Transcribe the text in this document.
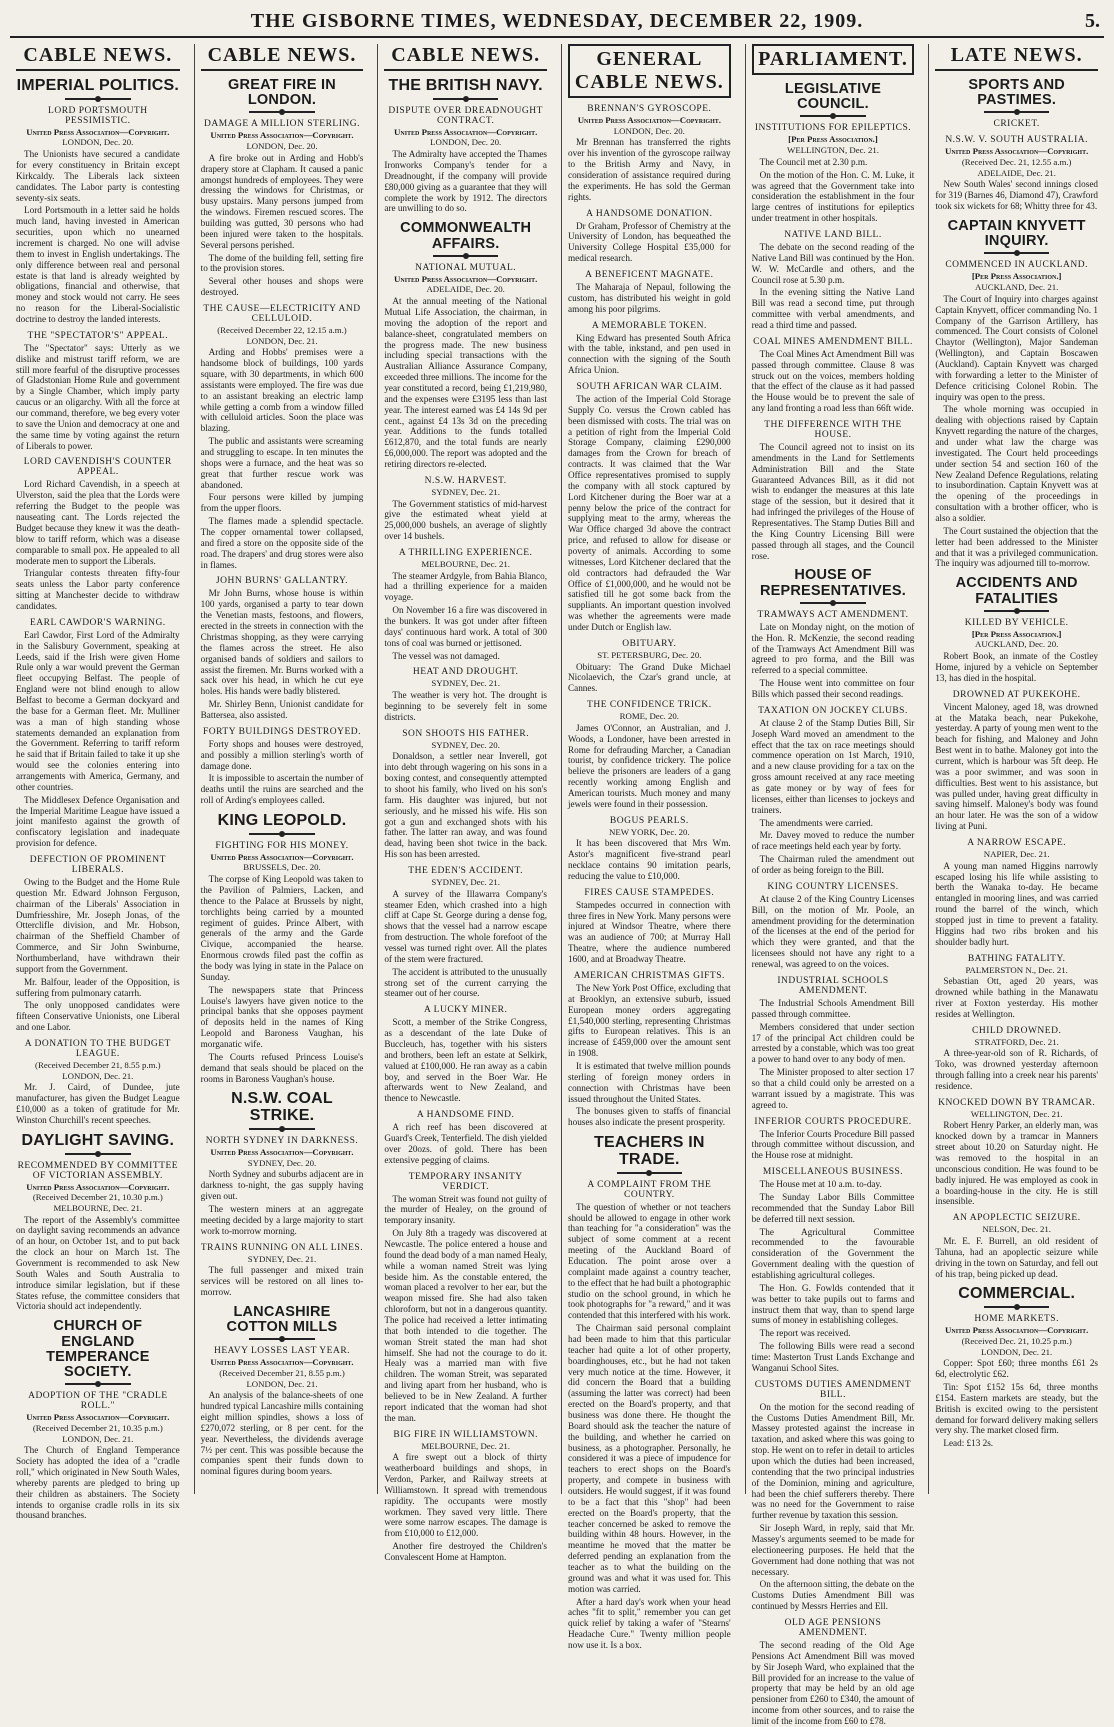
THE GISBORNE TIMES, WEDNESDAY, DECEMBER 22, 1909.	5.
CABLE NEWS.
IMPERIAL POLITICS.
LORD PORTSMOUTH PESSIMISTIC.
United Press Association—Copyright.
LONDON, Dec. 20.

The Unionists have secured a candidate for every constituency in Britain except Kirkcaldy. The Liberals lack sixteen candidates. The Labor party is contesting seventy-six seats.

Lord Portsmouth in a letter said he holds much land, having invested in American securities, upon which no unearned increment is charged. No one will advise them to invest in English undertakings. The only difference between real and personal estate is that land is already weighted by obligations, financial and otherwise, that money and stock would not carry. He sees no reason for the Liberal-Socialistic doctrine to destroy the landed interests.

THE "SPECTATOR'S" APPEAL.

The "Spectator" says: Utterly as we dislike and mistrust tariff reform, we are still more fearful of the disruptive processes of Gladstonian Home Rule and government by a Single Chamber, which imply party caucus or an oligarchy. With all the force at our command, therefore, we beg every voter to save the Union and democracy at one and the same time by voting against the return of Liberals to power.

LORD CAVENDISH'S COUNTER APPEAL.

Lord Richard Cavendish, in a speech at Ulverston, said the plea that the Lords were referring the Budget to the people was nauseating cant. The Lords rejected the Budget because they knew it was the death-blow to tariff reform, which was a disease comparable to small pox. He appealed to all moderate men to support the Liberals.

Triangular contests threaten fifty-four seats unless the Labor party conference sitting at Manchester decide to withdraw candidates.

EARL CAWDOR'S WARNING.

Earl Cawdor, First Lord of the Admiralty in the Salisbury Government, speaking at Leeds, said if the Irish were given Home Rule only a war would prevent the German fleet occupying Belfast. The people of England were not blind enough to allow Belfast to become a German dockyard and the base for a German fleet. Mr. Mulliner was a man of high standing whose statements demanded an explanation from the Government. Referring to tariff reform he said that if Britain failed to take it up she would see the colonies entering into arrangements with America, Germany, and other countries.

The Middlesex Defence Organisation and the Imperial Maritime League have issued a joint manifesto against the growth of confiscatory legislation and inadequate provision for defence.

DEFECTION OF PROMINENT LIBERALS.

Owing to the Budget and the Home Rule question Mr. Edward Johnson Ferguson, chairman of the Liberals' Association in Dumfriesshire, Mr. Joseph Jonas, of the Otterclifle division, and Mr. Hobson, chairman of the Sheffield Chamber of Commerce, and Sir John Swinburne, Northumberland, have withdrawn their support from the Government.

Mr. Balfour, leader of the Opposition, is suffering from pulmonary catarrh.

The only unopposed candidates were fifteen Conservative Unionists, one Liberal and one Labor.

A DONATION TO THE BUDGET LEAGUE.
(Received December 21, 8.55 p.m.)
LONDON, Dec. 21.

Mr. J. Caird, of Dundee, jute manufacturer, has given the Budget League £10,000 as a token of gratitude for Mr. Winston Churchill's recent speeches.

DAYLIGHT SAVING.
RECOMMENDED BY COMMITTEE OF VICTORIAN ASSEMBLY.
United Press Association—Copyright.
(Received December 21, 10.30 p.m.)
MELBOURNE, Dec. 21.

The report of the Assembly's committee on daylight saving recommends an advance of an hour, on October 1st, and to put back the clock an hour on March 1st. The Government is recommended to ask New South Wales and South Australia to introduce similar legislation, but if these States refuse, the committee considers that Victoria should act independently.

CHURCH OF ENGLAND TEMPERANCE SOCIETY.
ADOPTION OF THE "CRADLE ROLL."
United Press Association—Copyright.
(Received December 21, 10.35 p.m.)
LONDON, Dec. 21.

The Church of England Temperance Society has adopted the idea of a "cradle roll," which originated in New South Wales, whereby parents are pledged to bring up their children as abstainers. The Society intends to organise cradle rolls in its six thousand branches.

CABLE NEWS.
GREAT FIRE IN LONDON.
DAMAGE A MILLION STERLING.
United Press Association—Copyright.
LONDON, Dec. 20.

A fire broke out in Arding and Hobb's drapery store at Clapham. It caused a panic amongst hundreds of employees. They were dressing the windows for Christmas, or busy upstairs. Many persons jumped from the windows. Firemen rescued scores. The building was gutted, 30 persons who had been injured were taken to the hospitals. Several persons perished.

The dome of the building fell, setting fire to the provision stores.

Several other houses and shops were destroyed.

THE CAUSE—ELECTRICITY AND CELLULOID.
(Received December 22, 12.15 a.m.)
LONDON, Dec. 21.

Arding and Hobbs' premises were a handsome block of buildings, 100 yards square, with 30 departments, in which 600 assistants were employed. The fire was due to an assistant breaking an electric lamp while getting a comb from a window filled with celluloid articles. Soon the place was blazing.

The public and assistants were screaming and struggling to escape. In ten minutes the shops were a furnace, and the heat was so great that further rescue work was abandoned.

Four persons were killed by jumping from the upper floors.

The flames made a splendid spectacle. The copper ornamental tower collapsed, and fired a store on the opposite side of the road. The drapers' and drug stores were also in flames.

JOHN BURNS' GALLANTRY.

Mr John Burns, whose house is within 100 yards, organised a party to tear down the Venetian masts, festoons, and flowers, erected in the streets in connection with the Christmas shopping, as they were carrying the flames across the street. He also organised bands of soldiers and sailors to assist the firemen. Mr. Burns worked with a sack over his head, in which he cut eye holes. His hands were badly blistered.

Mr. Shirley Benn, Unionist candidate for Battersea, also assisted.

FORTY BUILDINGS DESTROYED.

Forty shops and houses were destroyed, and possibly a million sterling's worth of damage done.

It is impossible to ascertain the number of deaths until the ruins are searched and the roll of Arding's employees called.

KING LEOPOLD.
FIGHTING FOR HIS MONEY.
United Press Association—Copyright.
BRUSSELS, Dec. 20.

The corpse of King Leopold was taken to the Pavilion of Palmiers, Lacken, and thence to the Palace at Brussels by night, torchlights being carried by a mounted regiment of guides. Prince Albert, with generals of the army and the Garde Civique, accompanied the hearse. Enormous crowds filed past the coffin as the body was lying in state in the Palace on Sunday.

The newspapers state that Princess Louise's lawyers have given notice to the principal banks that she opposes payment of deposits held in the names of King Leopold and Baroness Vaughan, his morganatic wife.

The Courts refused Princess Louise's demand that seals should be placed on the rooms in Baroness Vaughan's house.

N.S.W. COAL STRIKE.
NORTH SYDNEY IN DARKNESS.
United Press Association—Copyright.
SYDNEY, Dec. 20.

North Sydney and suburbs adjacent are in darkness to-night, the gas supply having given out.

The western miners at an aggregate meeting decided by a large majority to start work to-morrow morning.

TRAINS RUNNING ON ALL LINES.
SYDNEY, Dec. 21.

The full passenger and mixed train services will be restored on all lines to-morrow.

LANCASHIRE COTTON MILLS
HEAVY LOSSES LAST YEAR.
United Press Association—Copyright.
(Received December 21, 8.55 p.m.)
LONDON, Dec. 21.

An analysis of the balance-sheets of one hundred typical Lancashire mills containing eight million spindles, shows a loss of £270,072 sterling, or 8 per cent. for the year. Nevertheless, the dividends average 7½ per cent. This was possible because the companies spent their funds down to nominal figures during boom years.

CABLE NEWS.
THE BRITISH NAVY.
DISPUTE OVER DREADNOUGHT CONTRACT.
United Press Association—Copyright.
LONDON, Dec. 20.

The Admiralty have accepted the Thames Ironworks Company's tender for a Dreadnought, if the company will provide £80,000 giving as a guarantee that they will complete the work by 1912. The directors are unwilling to do so.

COMMONWEALTH AFFAIRS.
NATIONAL MUTUAL.
United Press Association—Copyright.
ADELAIDE, Dec. 20.

At the annual meeting of the National Mutual Life Association, the chairman, in moving the adoption of the report and balance-sheet, congratulated members on the progress made. The new business including special transactions with the Australian Alliance Assurance Company, exceeded three millions. The income for the year constituted a record, being £1,219,980, and the expenses were £3195 less than last year. The interest earned was £4 14s 9d per cent., against £4 13s 3d on the preceding year. Additions to the funds totalled £612,870, and the total funds are nearly £6,000,000. The report was adopted and the retiring directors re-elected.

N.S.W. HARVEST.
SYDNEY, Dec. 21.

The Government statistics of mid-harvest give the estimated wheat yield at 25,000,000 bushels, an average of slightly over 14 bushels.

A THRILLING EXPERIENCE.
MELBOURNE, Dec. 21.

The steamer Ardgyle, from Bahia Blanco, had a thrilling experience for a maiden voyage.

On November 16 a fire was discovered in the bunkers. It was got under after fifteen days' continuous hard work. A total of 300 tons of coal was burned or jettisoned.

The vessel was not damaged.

HEAT AND DROUGHT.
SYDNEY, Dec. 21.

The weather is very hot. The drought is beginning to be severely felt in some districts.

SON SHOOTS HIS FATHER.
SYDNEY, Dec. 20.

Donaldson, a settler near Inverell, got into debt through wagering on his sons in a boxing contest, and consequently attempted to shoot his family, who lived on his son's farm. His daughter was injured, but not seriously, and he missed his wife. His son got a gun and exchanged shots with his father. The latter ran away, and was found dead, having been shot twice in the back. His son has been arrested.

THE EDEN'S ACCIDENT.
SYDNEY, Dec. 21.

A survey of the Illawarra Company's steamer Eden, which crashed into a high cliff at Cape St. George during a dense fog, shows that the vessel had a narrow escape from destruction. The whole forefoot of the vessel was turned right over. All the plates of the stem were fractured.

The accident is attributed to the unusually strong set of the current carrying the steamer out of her course.

A LUCKY MINER.

Scott, a member of the Strike Congress, as a descendant of the late Duke of Buccleuch, has, together with his sisters and brothers, been left an estate at Selkirk, valued at £100,000. He ran away as a cabin boy, and served in the Boer War. He afterwards went to New Zealand, and thence to Newcastle.

A HANDSOME FIND.

A rich reef has been discovered at Guard's Creek, Tenterfield. The dish yielded over 20ozs. of gold. There has been extensive pegging of claims.

TEMPORARY INSANITY VERDICT.

The woman Streit was found not guilty of the murder of Healey, on the ground of temporary insanity.

On July 8th a tragedy was discovered at Newcastle. The police entered a house and found the dead body of a man named Healy, while a woman named Streit was lying beside him. As the constable entered, the woman placed a revolver to her ear, but the weapon missed fire. She had also taken chloroform, but not in a dangerous quantity. The police had received a letter intimating that both intended to die together. The woman Streit stated the man had shot himself. She had not the courage to do it. Healy was a married man with five children. The woman Streit, was separated and living apart from her husband, who is believed to be in New Zealand. A further report indicated that the woman had shot the man.

BIG FIRE IN WILLIAMSTOWN.
MELBOURNE, Dec. 21.

A fire swept out a block of thirty weatherboard buildings and shops, in Verdon, Parker, and Railway streets at Williamstown. It spread with tremendous rapidity. The occupants were mostly workmen. They saved very little. There were some narrow escapes. The damage is from £10,000 to £12,000.

Another fire destroyed the Children's Convalescent Home at Hampton.

GENERAL CABLE NEWS.
BRENNAN'S GYROSCOPE.
United Press Association—Copyright.
LONDON, Dec. 20.

Mr Brennan has transferred the rights over his invention of the gyroscope railway to the British Army and Navy, in consideration of assistance required during the experiments. He has sold the German rights.

A HANDSOME DONATION.

Dr Graham, Professor of Chemistry at the University of London, has bequeathed the University College Hospital £35,000 for medical research.

A BENEFICENT MAGNATE.

The Maharaja of Nepaul, following the custom, has distributed his weight in gold among his poor pilgrims.

A MEMORABLE TOKEN.

King Edward has presented South Africa with the table, inkstand, and pen used in connection with the signing of the South Africa Union.

SOUTH AFRICAN WAR CLAIM.

The action of the Imperial Cold Storage Supply Co. versus the Crown cabled has been dismissed with costs. The trial was on a petition of right from the Imperial Cold Storage Company, claiming £290,000 damages from the Crown for breach of contracts. It was claimed that the War Office representatives promised to supply the company with all stock captured by Lord Kitchener during the Boer war at a penny below the price of the contract for supplying meat to the army, whereas the War Office charged 3d above the contract price, and refused to allow for disease or poverty of animals. According to some witnesses, Lord Kitchener declared that the old contractors had defrauded the War Office of £1,000,000, and he would not be satisfied till he got some back from the suppliants. An important question involved was whether the agreements were made under Dutch or English law.

OBITUARY.
ST. PETERSBURG, Dec. 20.

Obituary: The Grand Duke Michael Nicolaevich, the Czar's grand uncle, at Cannes.

THE CONFIDENCE TRICK.
ROME, Dec. 20.

James O'Connor, an Australian, and J. Woods, a Londoner, have been arrested in Rome for defrauding Marcher, a Canadian tourist, by confidence trickery. The police believe the prisoners are leaders of a gang recently working among English and American tourists. Much money and many jewels were found in their possession.

BOGUS PEARLS.
NEW YORK, Dec. 20.

It has been discovered that Mrs Wm. Astor's magnificent five-strand pearl necklace contains 90 imitation pearls, reducing the value to £10,000.

FIRES CAUSE STAMPEDES.

Stampedes occurred in connection with three fires in New York. Many persons were injured at Windsor Theatre, where there was an audience of 700; at Murray Hall Theatre, where the audience numbered 1600, and at Broadway Theatre.

AMERICAN CHRISTMAS GIFTS.

The New York Post Office, excluding that at Brooklyn, an extensive suburb, issued European money orders aggregating £1,540,000 sterling, representing Christmas gifts to European relatives. This is an increase of £459,000 over the amount sent in 1908.

It is estimated that twelve million pounds sterling of foreign money orders in connection with Christmas have been issued throughout the United States.

The bonuses given to staffs of financial houses also indicate the present prosperity.

TEACHERS IN TRADE.
A COMPLAINT FROM THE COUNTRY.

The question of whether or not teachers should be allowed to engage in other work than teaching for "a consideration" was the subject of some comment at a recent meeting of the Auckland Board of Education. The point arose over a complaint made against a country teacher, to the effect that he had built a photographic studio on the school ground, in which he took photographs for "a reward," and it was contended that this interfered with his work.

The Chairman said personal complaint had been made to him that this particular teacher had quite a lot of other property, boardinghouses, etc., but he had not taken very much notice at the time. However, it did concern the Board that a building (assuming the latter was correct) had been erected on the Board's property, and that business was done there. He thought the Board should ask the teacher the nature of the building, and whether he carried on business, as a photographer. Personally, he considered it was a piece of impudence for teachers to erect shops on the Board's property, and compete in business with outsiders. He would suggest, if it was found to be a fact that this "shop" had been erected on the Board's property, that the teacher concerned be asked to remove the building within 48 hours. However, in the meantime he moved that the matter be deferred pending an explanation from the teacher as to what the building on the ground was and what it was used for. This motion was carried.

After a hard day's work when your head aches "fit to split," remember you can get quick relief by taking a wafer of "Stearns' Headache Cure." Twenty million people now use it. Is a box.

PARLIAMENT.
LEGISLATIVE COUNCIL.
INSTITUTIONS FOR EPILEPTICS.
[Per Press Association.]
WELLINGTON, Dec. 21.

The Council met at 2.30 p.m.

On the motion of the Hon. C. M. Luke, it was agreed that the Government take into consideration the establishment in the four large centres of institutions for epileptics under treatment in other hospitals.

NATIVE LAND BILL.

The debate on the second reading of the Native Land Bill was continued by the Hon. W. W. McCardle and others, and the Council rose at 5.30 p.m.

In the evening sitting the Native Land Bill was read a second time, put through committee with verbal amendments, and read a third time and passed.

COAL MINES AMENDMENT BILL.

The Coal Mines Act Amendment Bill was passed through committee. Clause 8 was struck out on the voices, members holding that the effect of the clause as it had passed the House would be to prevent the sale of any land fronting a road less than 66ft wide.

THE DIFFERENCE WITH THE HOUSE.

The Council agreed not to insist on its amendments in the Land for Settlements Administration Bill and the State Guaranteed Advances Bill, as it did not wish to endanger the measures at this late stage of the session, but it desired that it had infringed the privileges of the House of Representatives. The Stamp Duties Bill and the King Country Licensing Bill were passed through all stages, and the Council rose.

HOUSE OF REPRESENTATIVES.
TRAMWAYS ACT AMENDMENT.

Late on Monday night, on the motion of the Hon. R. McKenzie, the second reading of the Tramways Act Amendment Bill was agreed to pro forma, and the Bill was referred to a special committee.

The House went into committee on four Bills which passed their second readings.

TAXATION ON JOCKEY CLUBS.

At clause 2 of the Stamp Duties Bill, Sir Joseph Ward moved an amendment to the effect that the tax on race meetings should commence operation on 1st March, 1910, and a new clause providing for a tax on the gross amount received at any race meeting as gate money or by way of fees for licenses, either than licenses to jockeys and trainers.

The amendments were carried.

Mr. Davey moved to reduce the number of race meetings held each year by forty.

The Chairman ruled the amendment out of order as being foreign to the Bill.

KING COUNTRY LICENSES.

At clause 2 of the King Country Licenses Bill, on the motion of Mr. Poole, an amendment providing for the determination of the licenses at the end of the period for which they were granted, and that the licensees should not have any right to a renewal, was agreed to on the voices.

INDUSTRIAL SCHOOLS AMENDMENT.

The Industrial Schools Amendment Bill passed through committee.

Members considered that under section 17 of the principal Act children could be arrested by a constable, which was too great a power to hand over to any body of men.

The Minister proposed to alter section 17 so that a child could only be arrested on a warrant issued by a magistrate. This was agreed to.

INFERIOR COURTS PROCEDURE.

The Inferior Courts Procedure Bill passed through committee without discussion, and the House rose at midnight.

MISCELLANEOUS BUSINESS.

The House met at 10 a.m. to-day.

The Sunday Labor Bills Committee recommended that the Sunday Labor Bill be deferred till next session.

The Agricultural Committee recommended to the favourable consideration of the Government the Government dealing with the question of establishing agricultural colleges.

The Hon. G. Fowlds contended that it was better to take pupils out to farms and instruct them that way, than to spend large sums of money in establishing colleges.

The report was received.

The following Bills were read a second time: Masterton Trust Lands Exchange and Wanganui School Sites.

CUSTOMS DUTIES AMENDMENT BILL.

On the motion for the second reading of the Customs Duties Amendment Bill, Mr. Massey protested against the increase in taxation, and asked where this was going to stop. He went on to refer in detail to articles upon which the duties had been increased, contending that the two principal industries of the Dominion, mining and agriculture, had been the chief sufferers thereby. There was no need for the Government to raise further revenue by taxation this session.

Sir Joseph Ward, in reply, said that Mr. Massey's arguments seemed to be made for electioneering purposes. He held that the Government had done nothing that was not necessary.

On the afternoon sitting, the debate on the Customs Duties Amendment Bill was continued by Messrs Herries and Ell.

OLD AGE PENSIONS AMENDMENT.

The second reading of the Old Age Pensions Act Amendment Bill was moved by Sir Joseph Ward, who explained that the Bill provided for an increase to the value of property that may be held by an old age pensioner from £260 to £340, the amount of income from other sources, and to raise the limit of the income from £60 to £78.

LATE NEWS.
SPORTS AND PASTIMES.
CRICKET.
N.S.W. V. SOUTH AUSTRALIA.
United Press Association—Copyright.
(Received Dec. 21, 12.55 a.m.)
ADELAIDE, Dec. 21.

New South Wales' second innings closed for 319 (Barnes 46, Diamond 47), Crawford took six wickets for 68; Whitty three for 43.

CAPTAIN KNYVETT INQUIRY.
COMMENCED IN AUCKLAND.
[Per Press Association.]
AUCKLAND, Dec. 21.

The Court of Inquiry into charges against Captain Knyvett, officer commanding No. 1 Company of the Garrison Artillery, has commenced. The Court consists of Colonel Chaytor (Wellington), Major Sandeman (Wellington), and Captain Boscawen (Auckland). Captain Knyvett was charged with forwarding a letter to the Minister of Defence criticising Colonel Robin. The inquiry was open to the press.

The whole morning was occupied in dealing with objections raised by Captain Knyvett regarding the nature of the charges, and under what law the charge was investigated. The Court held proceedings under section 54 and section 160 of the New Zealand Defence Regulations, relating to insubordination. Captain Knyvett was at the opening of the proceedings in consultation with a brother officer, who is also a soldier.

The Court sustained the objection that the letter had been addressed to the Minister and that it was a privileged communication. The inquiry was adjourned till to-morrow.

ACCIDENTS AND FATALITIES
KILLED BY VEHICLE.
[Per Press Association.]
AUCKLAND, Dec. 20.

Robert Book, an inmate of the Costley Home, injured by a vehicle on September 13, has died in the hospital.

DROWNED AT PUKEKOHE.

Vincent Maloney, aged 18, was drowned at the Mataka beach, near Pukekohe, yesterday. A party of young men went to the beach for fishing, and Maloney and John Best went in to bathe. Maloney got into the current, which is harbour was 5ft deep. He was a poor swimmer, and was soon in difficulties. Best went to his assistance, but was pulled under, having great difficulty in saving himself. Maloney's body was found an hour later. He was the son of a widow living at Puni.

A NARROW ESCAPE.
NAPIER, Dec. 21.

A young man named Higgins narrowly escaped losing his life while assisting to berth the Wanaka to-day. He became entangled in mooring lines, and was carried round the barrel of the winch, which stopped just in time to prevent a fatality. Higgins had two ribs broken and his shoulder badly hurt.

BATHING FATALITY.
PALMERSTON N., Dec. 21.

Sebastian Ott, aged 20 years, was drowned while bathing in the Manawatu river at Foxton yesterday. His mother resides at Wellington.

CHILD DROWNED.
STRATFORD, Dec. 21.

A three-year-old son of R. Richards, of Toko, was drowned yesterday afternoon through falling into a creek near his parents' residence.

KNOCKED DOWN BY TRAMCAR.
WELLINGTON, Dec. 21.

Robert Henry Parker, an elderly man, was knocked down by a tramcar in Manners street about 10.20 on Saturday night. He was removed to the hospital in an unconscious condition. He was found to be badly injured. He was employed as cook in a boarding-house in the city. He is still insensible.

AN APOPLECTIC SEIZURE.
NELSON, Dec. 21.

Mr. E. F. Burrell, an old resident of Tahuna, had an apoplectic seizure while driving in the town on Saturday, and fell out of his trap, being picked up dead.

COMMERCIAL.
HOME MARKETS.
United Press Association—Copyright.
(Received Dec. 21, 10.25 p.m.)
LONDON, Dec. 21.

Copper: Spot £60; three months £61 2s 6d, electrolytic £62.

Tin: Spot £152 15s 6d, three months £154. Eastern markets are steady, but the British is excited owing to the persistent demand for forward delivery making sellers very shy. The market closed firm.

Lead: £13 2s.
